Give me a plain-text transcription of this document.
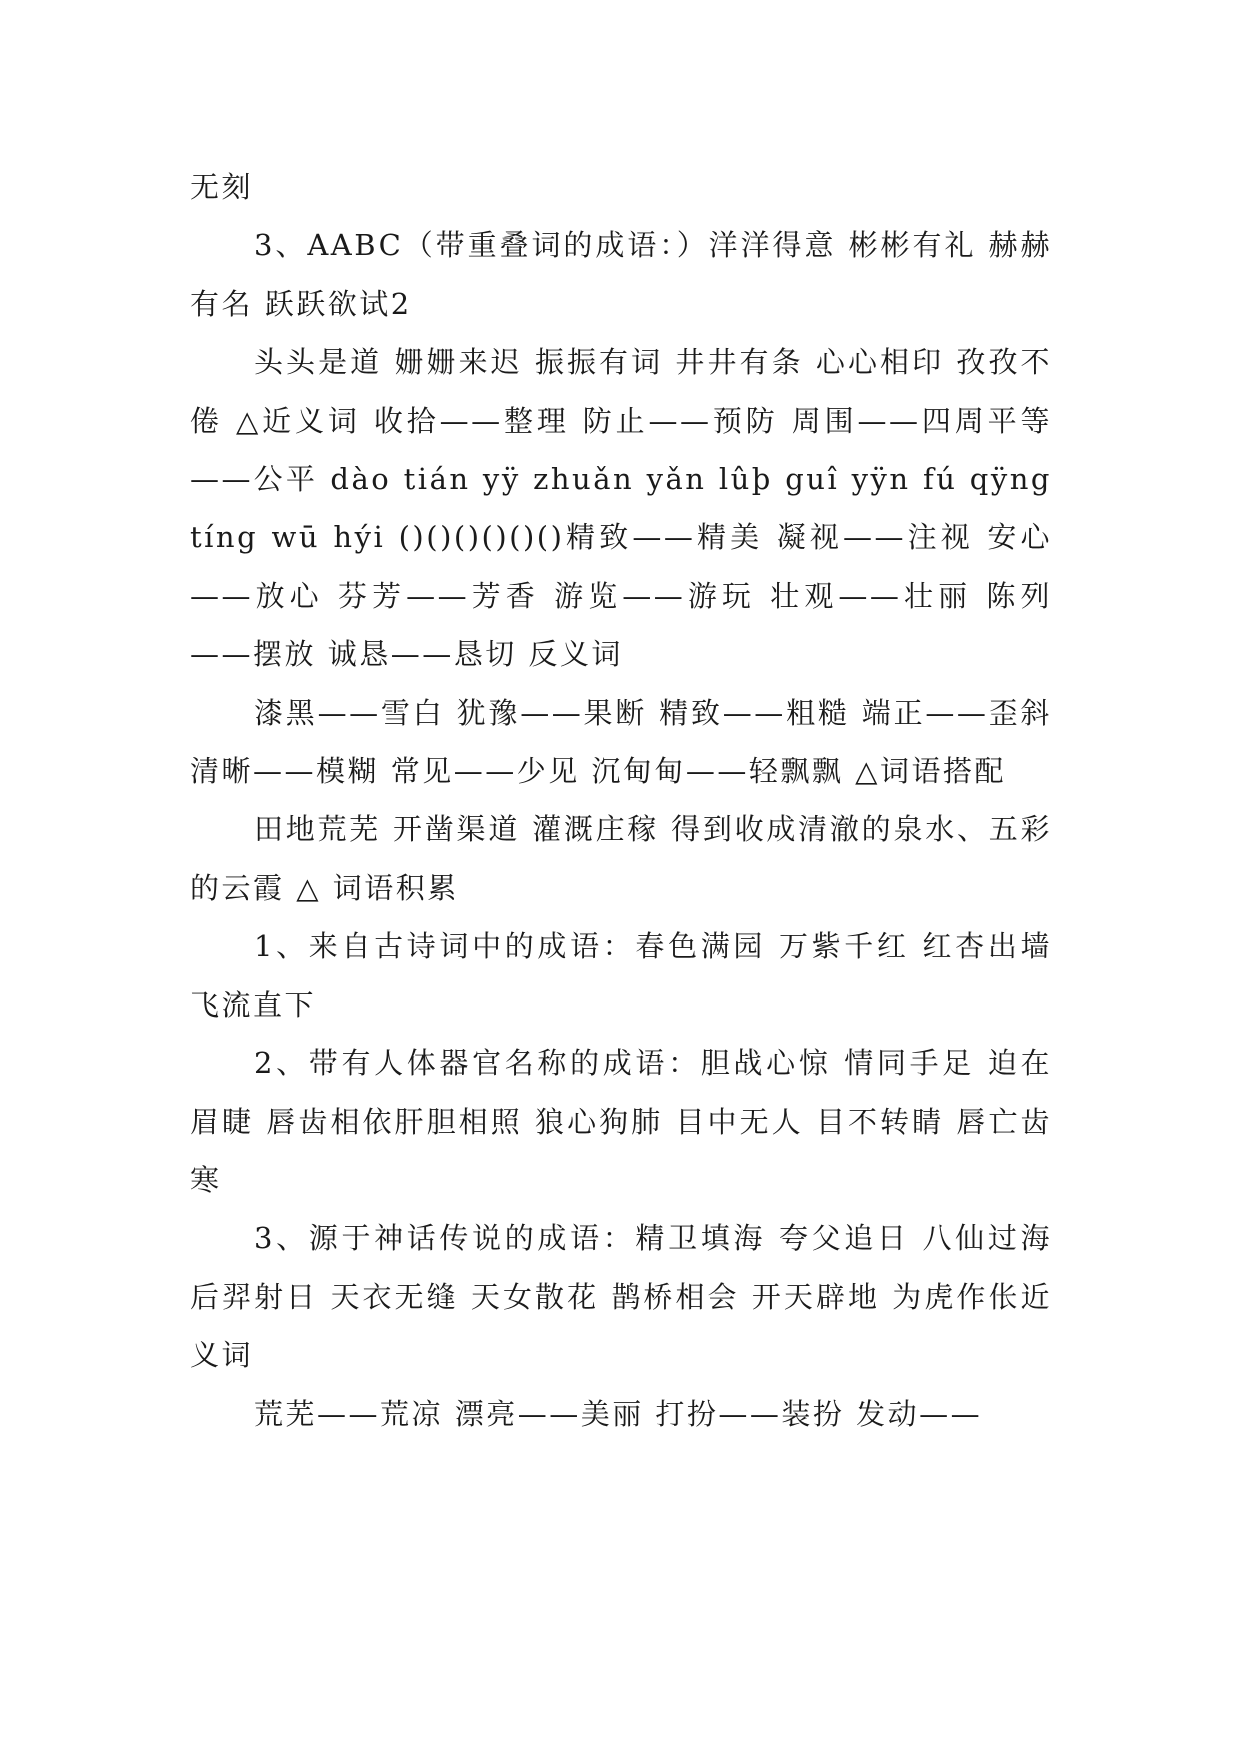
无刻

3、AABC（带重叠词的成语：）洋洋得意 彬彬有礼 赫赫有名 跃跃欲试2

头头是道 姗姗来迟 振振有词 井井有条 心心相印 孜孜不倦 △近义词 收拾——整理 防止——预防 周围——四周平等——公平 dào tián yÿ zhuǎn yǎn lûþ guî yÿn fú qÿng tíng wū hýi ()()()()()()精致——精美 凝视——注视 安心——放心 芬芳——芳香 游览——游玩 壮观——壮丽 陈列——摆放 诚恳——恳切 反义词

漆黑——雪白 犹豫——果断 精致——粗糙 端正——歪斜 清晰——模糊 常见——少见 沉甸甸——轻飘飘 △词语搭配

田地荒芜 开凿渠道 灌溉庄稼 得到收成清澈的泉水、五彩的云霞 △ 词语积累

1、来自古诗词中的成语：春色满园 万紫千红 红杏出墙 飞流直下

2、带有人体器官名称的成语：胆战心惊 情同手足 迫在眉睫 唇齿相依肝胆相照 狼心狗肺 目中无人 目不转睛 唇亡齿寒

3、源于神话传说的成语：精卫填海 夸父追日 八仙过海 后羿射日 天衣无缝 天女散花 鹊桥相会 开天辟地 为虎作伥近义词

荒芜——荒凉 漂亮——美丽 打扮——装扮 发动——
